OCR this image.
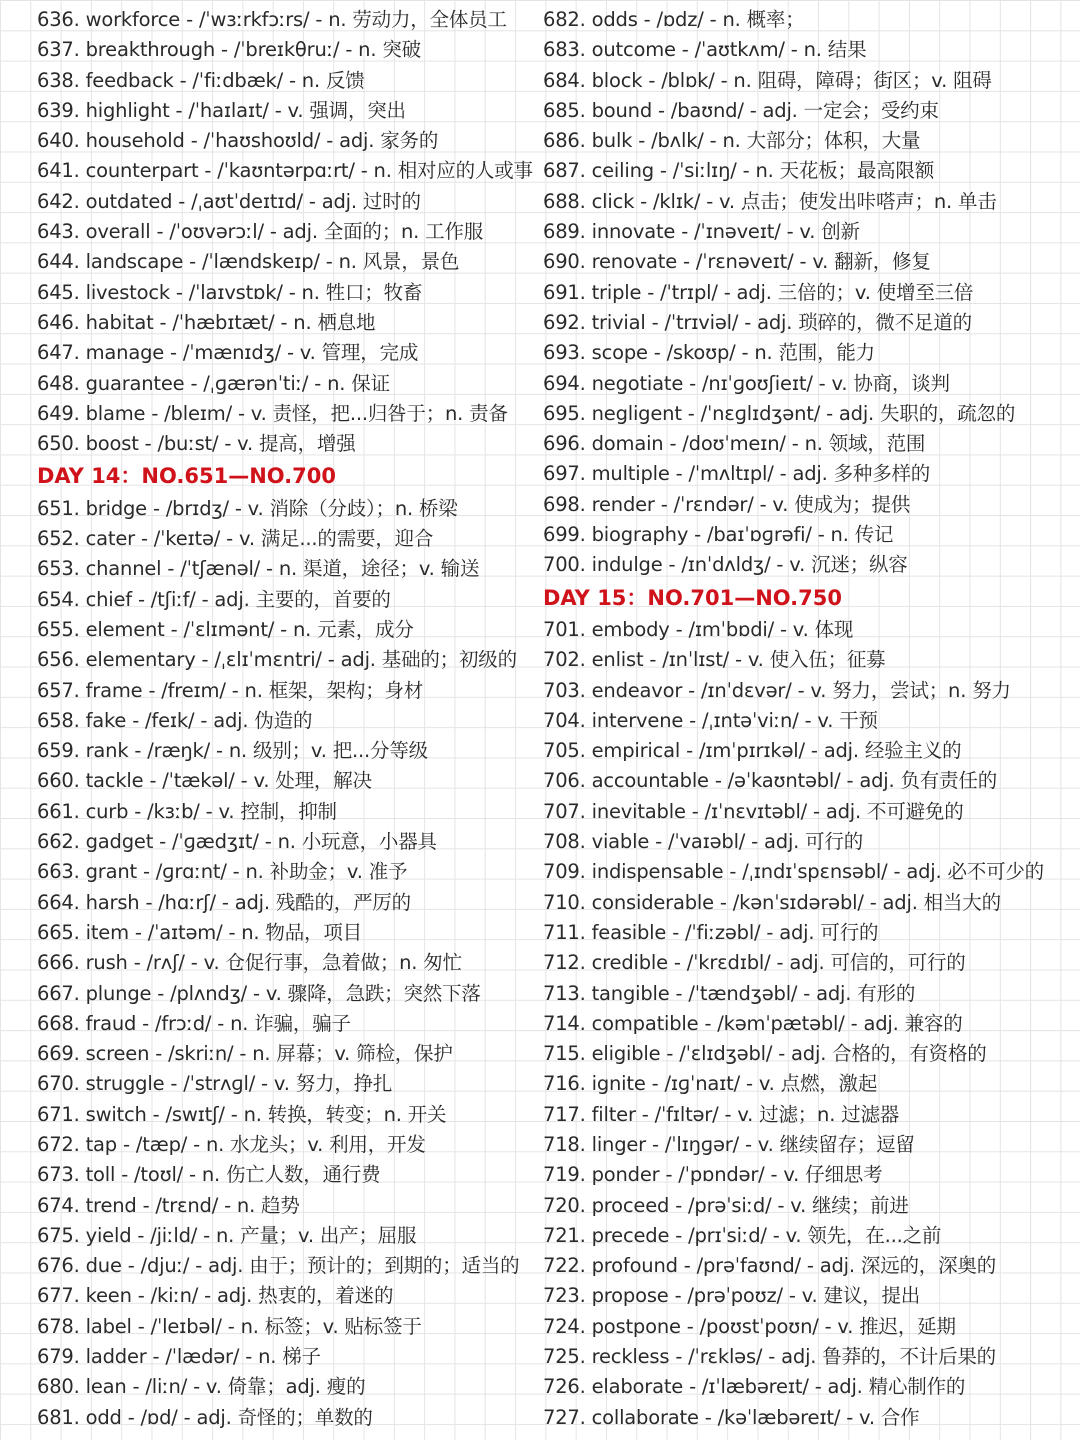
636. workforce - /ˈwɜːrkfɔːrs/ - n. 劳动力，全体员工
637. breakthrough - /ˈbreɪkθruː/ - n. 突破
638. feedback - /ˈfiːdbæk/ - n. 反馈
639. highlight - /ˈhaɪlaɪt/ - v. 强调，突出
640. household - /ˈhaʊshoʊld/ - adj. 家务的
641. counterpart - /ˈkaʊntərpɑːrt/ - n. 相对应的人或事
642. outdated - /ˌaʊtˈdeɪtɪd/ - adj. 过时的
643. overall - /ˈoʊvərɔːl/ - adj. 全面的；n. 工作服
644. landscape - /ˈlændskeɪp/ - n. 风景，景色
645. livestock - /ˈlaɪvstɒk/ - n. 牲口；牧畜
646. habitat - /ˈhæbɪtæt/ - n. 栖息地
647. manage - /ˈmænɪdʒ/ - v. 管理，完成
648. guarantee - /ˌɡærənˈtiː/ - n. 保证
649. blame - /bleɪm/ - v. 责怪，把...归咎于；n. 责备
650. boost - /buːst/ - v. 提高，增强
DAY 14：NO.651—NO.700
651. bridge - /brɪdʒ/ - v. 消除（分歧）；n. 桥梁
652. cater - /ˈkeɪtə/ - v. 满足...的需要，迎合
653. channel - /ˈtʃænəl/ - n. 渠道，途径；v. 输送
654. chief - /tʃiːf/ - adj. 主要的，首要的
655. element - /ˈɛlɪmənt/ - n. 元素，成分
656. elementary - /ˌɛlɪˈmɛntri/ - adj. 基础的；初级的
657. frame - /freɪm/ - n. 框架，架构；身材
658. fake - /feɪk/ - adj. 伪造的
659. rank - /ræŋk/ - n. 级别；v. 把...分等级
660. tackle - /ˈtækəl/ - v. 处理，解决
661. curb - /kɜːb/ - v. 控制，抑制
662. gadget - /ˈɡædʒɪt/ - n. 小玩意，小器具
663. grant - /ɡrɑːnt/ - n. 补助金；v. 准予
664. harsh - /hɑːrʃ/ - adj. 残酷的，严厉的
665. item - /ˈaɪtəm/ - n. 物品，项目
666. rush - /rʌʃ/ - v. 仓促行事，急着做；n. 匆忙
667. plunge - /plʌndʒ/ - v. 骤降，急跌；突然下落
668. fraud - /frɔːd/ - n. 诈骗，骗子
669. screen - /skriːn/ - n. 屏幕；v. 筛检，保护
670. struggle - /ˈstrʌɡl/ - v. 努力，挣扎
671. switch - /swɪtʃ/ - n. 转换，转变；n. 开关
672. tap - /tæp/ - n. 水龙头；v. 利用，开发
673. toll - /toʊl/ - n. 伤亡人数，通行费
674. trend - /trɛnd/ - n. 趋势
675. yield - /jiːld/ - n. 产量；v. 出产；屈服
676. due - /djuː/ - adj. 由于；预计的；到期的；适当的
677. keen - /kiːn/ - adj. 热衷的，着迷的
678. label - /ˈleɪbəl/ - n. 标签；v. 贴标签于
679. ladder - /ˈlædər/ - n. 梯子
680. lean - /liːn/ - v. 倚靠；adj. 瘦的
681. odd - /ɒd/ - adj. 奇怪的；单数的
682. odds - /ɒdz/ - n. 概率；
683. outcome - /ˈaʊtkʌm/ - n. 结果
684. block - /blɒk/ - n. 阻碍，障碍；街区；v. 阻碍
685. bound - /baʊnd/ - adj. 一定会；受约束
686. bulk - /bʌlk/ - n. 大部分；体积，大量
687. ceiling - /ˈsiːlɪŋ/ - n. 天花板；最高限额
688. click - /klɪk/ - v. 点击；使发出咔嗒声；n. 单击
689. innovate - /ˈɪnəveɪt/ - v. 创新
690. renovate - /ˈrɛnəveɪt/ - v. 翻新，修复
691. triple - /ˈtrɪpl/ - adj. 三倍的；v. 使增至三倍
692. trivial - /ˈtrɪviəl/ - adj. 琐碎的，微不足道的
693. scope - /skoʊp/ - n. 范围，能力
694. negotiate - /nɪˈɡoʊʃieɪt/ - v. 协商，谈判
695. negligent - /ˈnɛɡlɪdʒənt/ - adj. 失职的，疏忽的
696. domain - /doʊˈmeɪn/ - n. 领域，范围
697. multiple - /ˈmʌltɪpl/ - adj. 多种多样的
698. render - /ˈrɛndər/ - v. 使成为；提供
699. biography - /baɪˈɒɡrəfi/ - n. 传记
700. indulge - /ɪnˈdʌldʒ/ - v. 沉迷；纵容
DAY 15：NO.701—NO.750
701. embody - /ɪmˈbɒdi/ - v. 体现
702. enlist - /ɪnˈlɪst/ - v. 使入伍；征募
703. endeavor - /ɪnˈdɛvər/ - v. 努力，尝试；n. 努力
704. intervene - /ˌɪntəˈviːn/ - v. 干预
705. empirical - /ɪmˈpɪrɪkəl/ - adj. 经验主义的
706. accountable - /əˈkaʊntəbl/ - adj. 负有责任的
707. inevitable - /ɪˈnɛvɪtəbl/ - adj. 不可避免的
708. viable - /ˈvaɪəbl/ - adj. 可行的
709. indispensable - /ˌɪndɪˈspɛnsəbl/ - adj. 必不可少的
710. considerable - /kənˈsɪdərəbl/ - adj. 相当大的
711. feasible - /ˈfiːzəbl/ - adj. 可行的
712. credible - /ˈkrɛdɪbl/ - adj. 可信的，可行的
713. tangible - /ˈtændʒəbl/ - adj. 有形的
714. compatible - /kəmˈpætəbl/ - adj. 兼容的
715. eligible - /ˈɛlɪdʒəbl/ - adj. 合格的，有资格的
716. ignite - /ɪɡˈnaɪt/ - v. 点燃，激起
717. filter - /ˈfɪltər/ - v. 过滤；n. 过滤器
718. linger - /ˈlɪŋɡər/ - v. 继续留存；逗留
719. ponder - /ˈpɒndər/ - v. 仔细思考
720. proceed - /prəˈsiːd/ - v. 继续；前进
721. precede - /prɪˈsiːd/ - v. 领先，在...之前
722. profound - /prəˈfaʊnd/ - adj. 深远的，深奥的
723. propose - /prəˈpoʊz/ - v. 建议，提出
724. postpone - /poʊstˈpoʊn/ - v. 推迟，延期
725. reckless - /ˈrɛkləs/ - adj. 鲁莽的，不计后果的
726. elaborate - /ɪˈlæbəreɪt/ - adj. 精心制作的
727. collaborate - /kəˈlæbəreɪt/ - v. 合作
